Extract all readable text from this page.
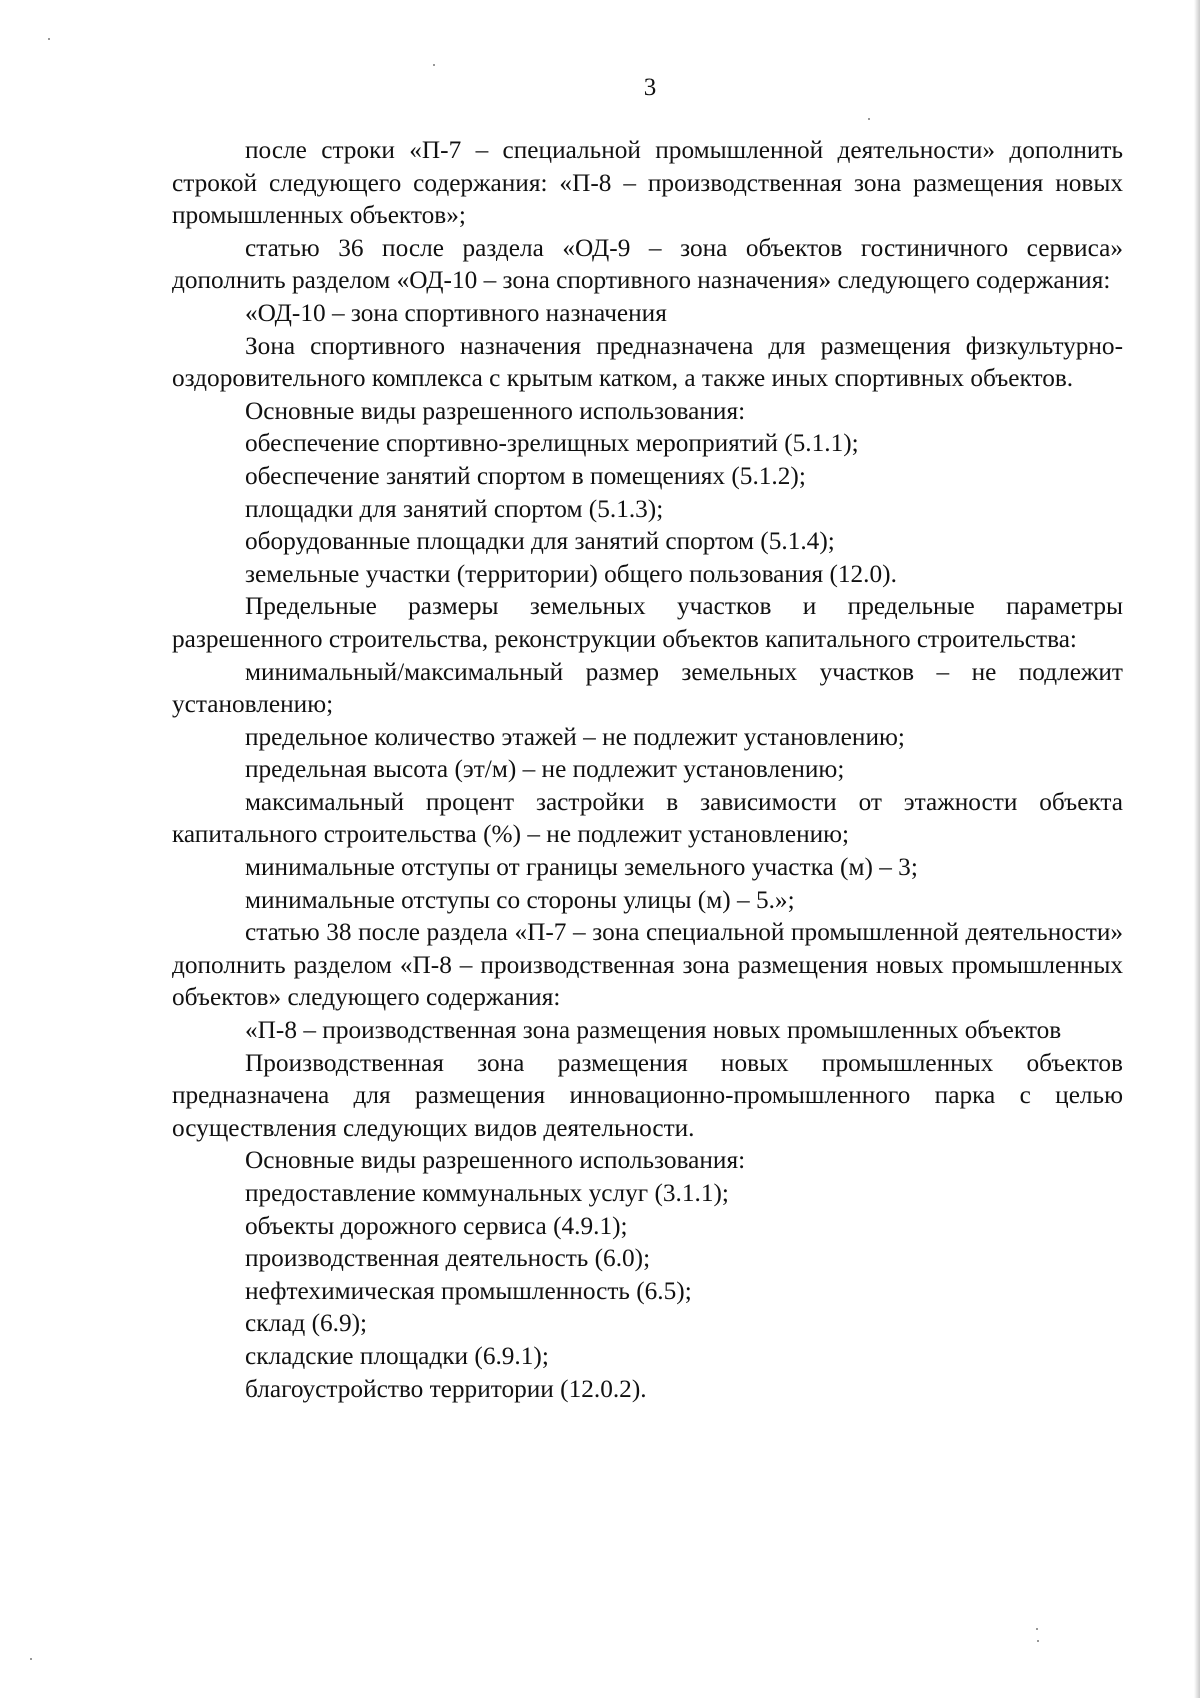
3

после строки «П-7 – специальной промышленной деятельности» дополнить строкой следующего содержания: «П-8 – производственная зона размещения новых промышленных объектов»;

статью 36 после раздела «ОД-9 – зона объектов гостиничного сервиса» дополнить разделом «ОД-10 – зона спортивного назначения» следующего содержания:

«ОД-10 – зона спортивного назначения

Зона спортивного назначения предназначена для размещения физкультурно-оздоровительного комплекса с крытым катком, а также иных спортивных объектов.

Основные виды разрешенного использования:

обеспечение спортивно-зрелищных мероприятий (5.1.1);

обеспечение занятий спортом в помещениях (5.1.2);

площадки для занятий спортом (5.1.3);

оборудованные площадки для занятий спортом (5.1.4);

земельные участки (территории) общего пользования (12.0).

Предельные размеры земельных участков и предельные параметры разрешенного строительства, реконструкции объектов капитального строительства:

минимальный/максимальный размер земельных участков – не подлежит установлению;

предельное количество этажей – не подлежит установлению;

предельная высота (эт/м) – не подлежит установлению;

максимальный процент застройки в зависимости от этажности объекта капитального строительства (%) – не подлежит установлению;

минимальные отступы от границы земельного участка (м) – 3;

минимальные отступы со стороны улицы (м) – 5.»;

статью 38 после раздела «П-7 – зона специальной промышленной деятельности» дополнить разделом «П-8 – производственная зона размещения новых промышленных объектов» следующего содержания:

«П-8 – производственная зона размещения новых промышленных объектов

Производственная зона размещения новых промышленных объектов предназначена для размещения инновационно-промышленного парка с целью осуществления следующих видов деятельности.

Основные виды разрешенного использования:

предоставление коммунальных услуг (3.1.1);

объекты дорожного сервиса (4.9.1);

производственная деятельность (6.0);

нефтехимическая промышленность (6.5);

склад (6.9);

складские площадки (6.9.1);

благоустройство территории (12.0.2).
